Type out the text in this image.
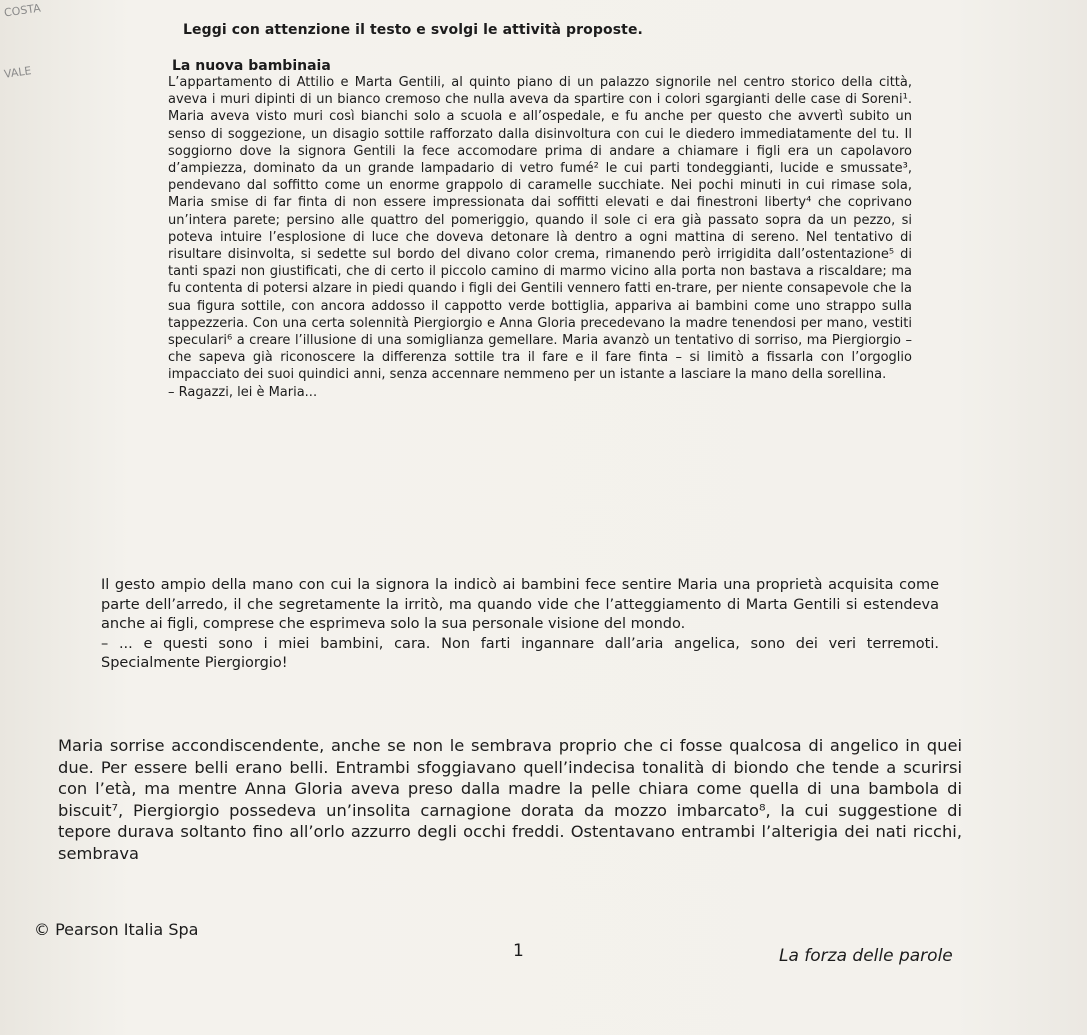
COSTA
VALE
Leggi con attenzione il testo e svolgi le attività proposte.
La nuova bambinaia

L’appartamento di Attilio e Marta Gentili, al quinto piano di un palazzo signorile nel centro storico della città, aveva i muri dipinti di un bianco cremoso che nulla aveva da spartire con i colori sgargianti delle case di Soreni¹. Maria aveva visto muri così bianchi solo a scuola e all’ospedale, e fu anche per questo che avvertì subito un senso di soggezione, un disagio sottile rafforzato dalla disinvoltura con cui le diedero immediatamente del tu. Il soggiorno dove la signora Gentili la fece accomodare prima di andare a chiamare i figli era un capolavoro d’ampiezza, dominato da un grande lampadario di vetro fumé² le cui parti tondeggianti, lucide e smussate³, pendevano dal soffitto come un enorme grappolo di caramelle succhiate. Nei pochi minuti in cui rimase sola, Maria smise di far finta di non essere impressionata dai soffitti elevati e dai finestroni liberty⁴ che coprivano un’intera parete; persino alle quattro del pomeriggio, quando il sole ci era già passato sopra da un pezzo, si poteva intuire l’esplosione di luce che doveva detonare là dentro a ogni mattina di sereno. Nel tentativo di risultare disinvolta, si sedette sul bordo del divano color crema, rimanendo però irrigidita dall’ostentazione⁵ di tanti spazi non giustificati, che di certo il piccolo camino di marmo vicino alla porta non bastava a riscaldare; ma fu contenta di potersi alzare in piedi quando i figli dei Gentili vennero fatti en-trare, per niente consapevole che la sua figura sottile, con ancora addosso il cappotto verde bottiglia, appariva ai bambini come uno strappo sulla tappezzeria. Con una certa solennità Piergiorgio e Anna Gloria precedevano la madre tenendosi per mano, vestiti speculari⁶ a creare l’illusione di una somiglianza gemellare. Maria avanzò un tentativo di sorriso, ma Piergiorgio – che sapeva già riconoscere la differenza sottile tra il fare e il fare finta – si limitò a fissarla con l’orgoglio impacciato dei suoi quindici anni, senza accennare nemmeno per un istante a lasciare la mano della sorellina.

– Ragazzi, lei è Maria...

Il gesto ampio della mano con cui la signora la indicò ai bambini fece sentire Maria una proprietà acquisita come parte dell’arredo, il che segretamente la irritò, ma quando vide che l’atteggiamento di Marta Gentili si estendeva anche ai figli, comprese che esprimeva solo la sua personale visione del mondo.

– ... e questi sono i miei bambini, cara. Non farti ingannare dall’aria angelica, sono dei veri terremoti. Specialmente Piergiorgio!

Maria sorrise accondiscendente, anche se non le sembrava proprio che ci fosse qualcosa di angelico in quei due. Per essere belli erano belli. Entrambi sfoggiavano quell’indecisa tonalità di biondo che tende a scurirsi con l’età, ma mentre Anna Gloria aveva preso dalla madre la pelle chiara come quella di una bambola di biscuit⁷, Piergiorgio possedeva un’insolita carnagione dorata da mozzo imbarcato⁸, la cui suggestione di tepore durava soltanto fino all’orlo azzurro degli occhi freddi. Ostentavano entrambi l’alterigia dei nati ricchi, sembrava

© Pearson Italia Spa
1	La forza delle parole
